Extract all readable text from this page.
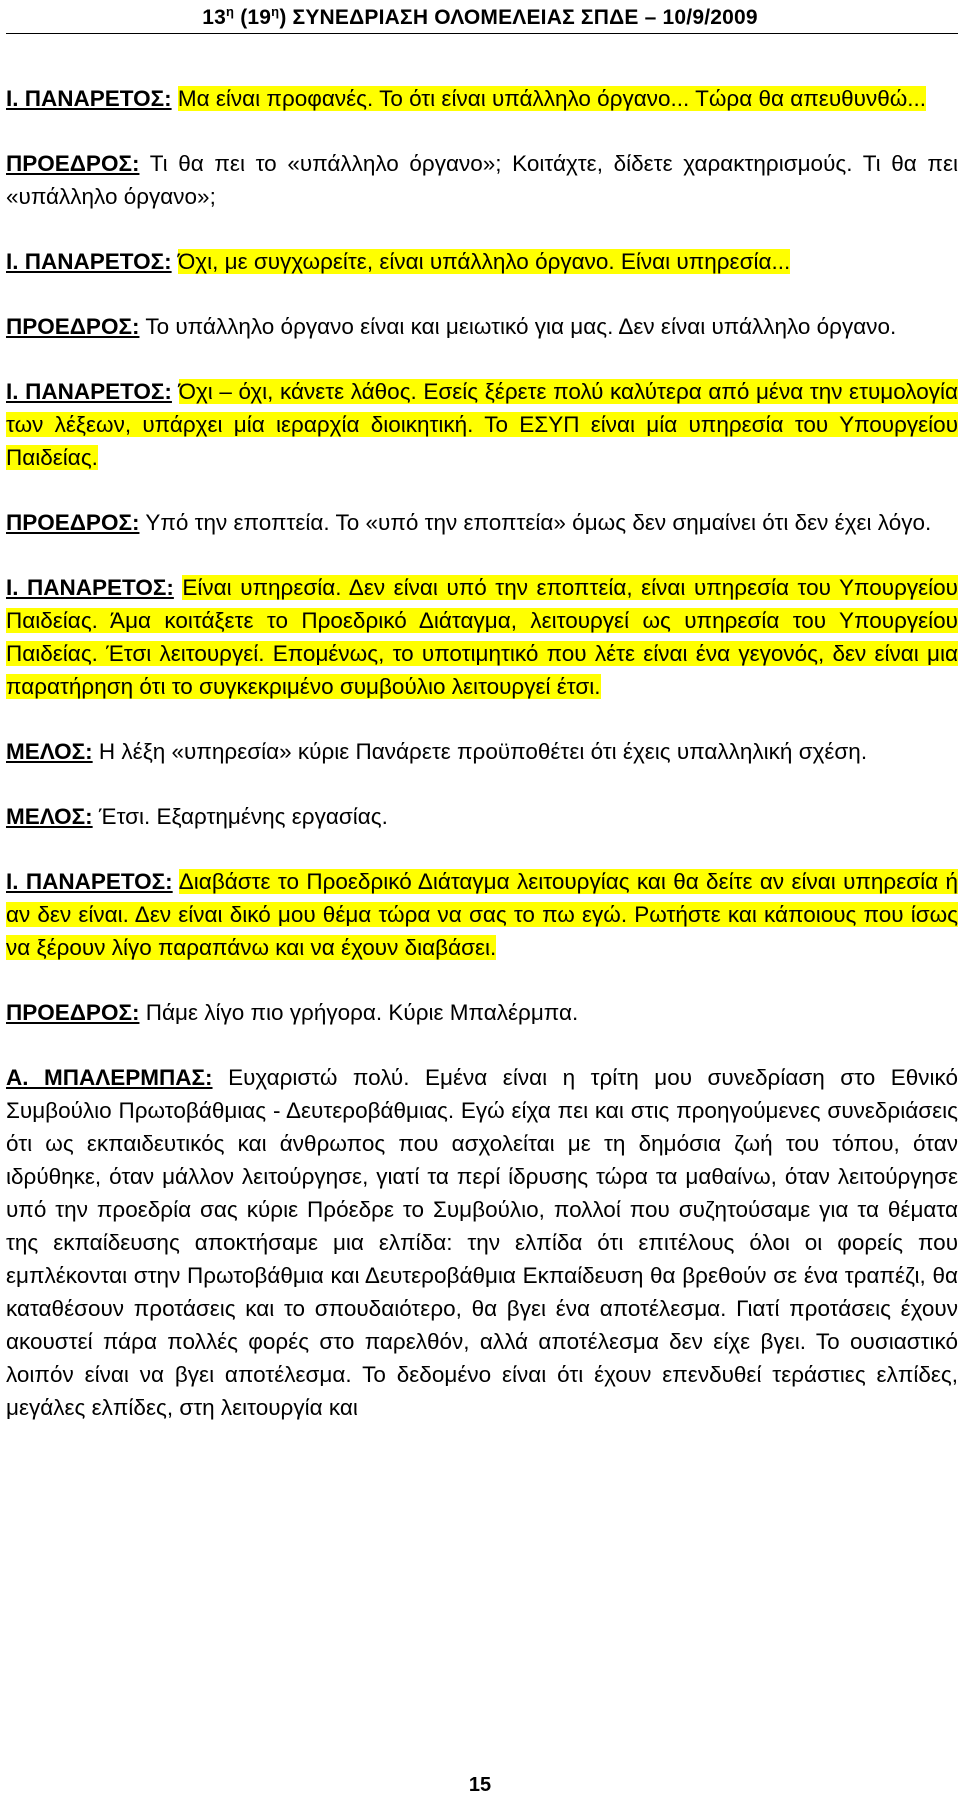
$13^\eta$ $(19^\eta)$ ΣΥΝΕΔΡΙΑΣΗ ΟΛΟΜΕΛΕΙΑΣ ΣΠΔΕ – 10/9/2009

Ι. ΠΑΝΑΡΕΤΟΣ: Μα είναι προφανές. Το ότι είναι υπάλληλο όργανο... Τώρα θα απευθυνθώ...

ΠΡΟΕΔΡΟΣ: Τι θα πει το «υπάλληλο όργανο»; Κοιτάχτε, δίδετε χαρακτηρισμούς. Τι θα πει «υπάλληλο όργανο»;

Ι. ΠΑΝΑΡΕΤΟΣ: Όχι, με συγχωρείτε, είναι υπάλληλο όργανο. Είναι υπηρεσία...

ΠΡΟΕΔΡΟΣ: Το υπάλληλο όργανο είναι και μειωτικό για μας. Δεν είναι υπάλληλο όργανο.

Ι. ΠΑΝΑΡΕΤΟΣ: Όχι – όχι, κάνετε λάθος. Εσείς ξέρετε πολύ καλύτερα από μένα την ετυμολογία των λέξεων, υπάρχει μία ιεραρχία διοικητική. Το ΕΣΥΠ είναι μία υπηρεσία του Υπουργείου Παιδείας.

ΠΡΟΕΔΡΟΣ: Υπό την εποπτεία. Το «υπό την εποπτεία» όμως δεν σημαίνει ότι δεν έχει λόγο.

Ι. ΠΑΝΑΡΕΤΟΣ: Είναι υπηρεσία. Δεν είναι υπό την εποπτεία, είναι υπηρεσία του Υπουργείου Παιδείας. Άμα κοιτάξετε το Προεδρικό Διάταγμα, λειτουργεί ως υπηρεσία του Υπουργείου Παιδείας. Έτσι λειτουργεί. Επομένως, το υποτιμητικό που λέτε είναι ένα γεγονός, δεν είναι μια παρατήρηση ότι το συγκεκριμένο συμβούλιο λειτουργεί έτσι.

ΜΕΛΟΣ: Η λέξη «υπηρεσία» κύριε Πανάρετε προϋποθέτει ότι έχεις υπαλληλική σχέση.

ΜΕΛΟΣ: Έτσι. Εξαρτημένης εργασίας.

Ι. ΠΑΝΑΡΕΤΟΣ: Διαβάστε το Προεδρικό Διάταγμα λειτουργίας και θα δείτε αν είναι υπηρεσία ή αν δεν είναι. Δεν είναι δικό μου θέμα τώρα να σας το πω εγώ. Ρωτήστε και κάποιους που ίσως να ξέρουν λίγο παραπάνω και να έχουν διαβάσει.

ΠΡΟΕΔΡΟΣ: Πάμε λίγο πιο γρήγορα. Κύριε Μπαλέρμπα.

Α. ΜΠΑΛΕΡΜΠΑΣ: Ευχαριστώ πολύ. Εμένα είναι η τρίτη μου συνεδρίαση στο Εθνικό Συμβούλιο Πρωτοβάθμιας - Δευτεροβάθμιας. Εγώ είχα πει και στις προηγούμενες συνεδριάσεις ότι ως εκπαιδευτικός και άνθρωπος που ασχολείται με τη δημόσια ζωή του τόπου, όταν ιδρύθηκε, όταν μάλλον λειτούργησε, γιατί τα περί ίδρυσης τώρα τα μαθαίνω, όταν λειτούργησε υπό την προεδρία σας κύριε Πρόεδρε το Συμβούλιο, πολλοί που συζητούσαμε για τα θέματα της εκπαίδευσης αποκτήσαμε μια ελπίδα: την ελπίδα ότι επιτέλους όλοι οι φορείς που εμπλέκονται στην Πρωτοβάθμια και Δευτεροβάθμια Εκπαίδευση θα βρεθούν σε ένα τραπέζι, θα καταθέσουν προτάσεις και το σπουδαιότερο, θα βγει ένα αποτέλεσμα. Γιατί προτάσεις έχουν ακουστεί πάρα πολλές φορές στο παρελθόν, αλλά αποτέλεσμα δεν είχε βγει. Το ουσιαστικό λοιπόν είναι να βγει αποτέλεσμα. Το δεδομένο είναι ότι έχουν επενδυθεί τεράστιες ελπίδες, μεγάλες ελπίδες, στη λειτουργία και

15
